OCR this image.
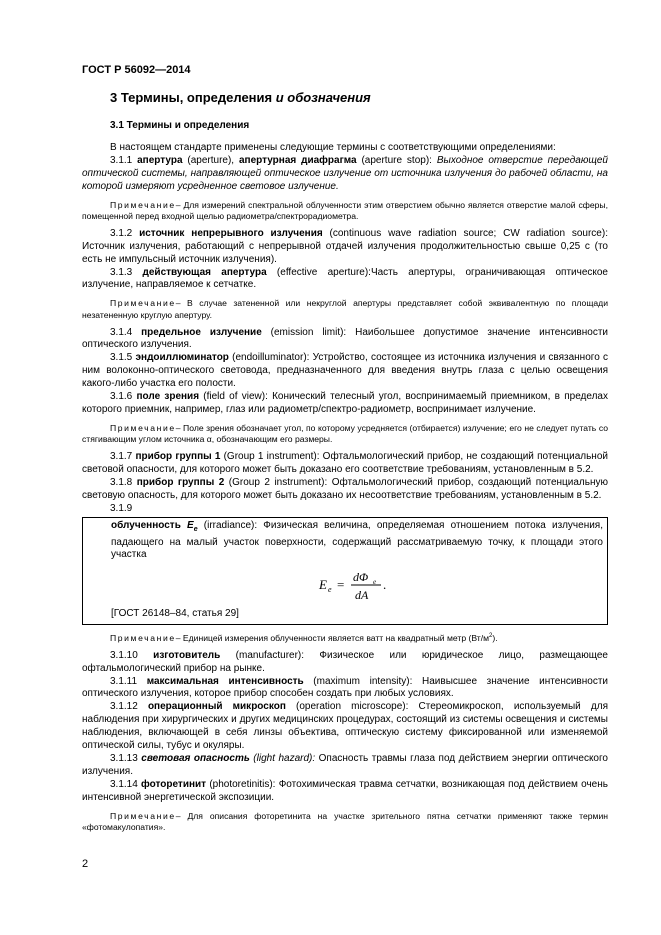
ГОСТ Р 56092—2014
3 Термины, определения и обозначения
3.1 Термины и определения

В настоящем стандарте применены следующие термины с соответствующими определениями:

3.1.1 апертура (aperture), апертурная диафрагма (aperture stop): Выходное отверстие передающей оптической системы, направляющей оптическое излучение от источника излучения до рабочей области, на которой измеряют усредненное световое излучение.

Примечание– Для измерений спектральной облученности этим отверстием обычно является отверстие малой сферы, помещенной перед входной щелью радиометра/спектрорадиометра.

3.1.2 источник непрерывного излучения (continuous wave radiation source; CW radiation source): Источник излучения, работающий с непрерывной отдачей излучения продолжительностью свыше 0,25 с (то есть не импульсный источник излучения).

3.1.3 действующая апертура (effective aperture):Часть апертуры, ограничивающая оптическое излучение, направляемое к сетчатке.

Примечание– В случае затененной или некруглой апертуры представляет собой эквивалентную по площади незатененную круглую апертуру.

3.1.4 предельное излучение (emission limit): Наибольшее допустимое значение интенсивности оптического излучения.

3.1.5 эндоиллюминатор (endoilluminator): Устройство, состоящее из источника излучения и связанного с ним волоконно-оптического световода, предназначенного для введения внутрь глаза с целью освещения какого-либо участка его полости.

3.1.6 поле зрения (field of view): Конический телесный угол, воспринимаемый приемником, в пределах которого приемник, например, глаз или радиометр/спектро-радиометр, воспринимает излучение.

Примечание– Поле зрения обозначает угол, по которому усредняется (отбирается) излучение; его не следует путать со стягивающим углом источника α, обозначающим его размеры.

3.1.7 прибор группы 1 (Group 1 instrument): Офтальмологический прибор, не создающий потенциальной световой опасности, для которого может быть доказано его соответствие требованиям, установленным в 5.2.

3.1.8 прибор группы 2 (Group 2 instrument): Офтальмологический прибор, создающий потенциальную световую опасность, для которого может быть доказано их несоответствие требованиям, установленным в 5.2.

3.1.9

облученность $E_e$ (irradiance): Физическая величина, определяемая отношением потока излучения, падающего на малый участок поверхности, содержащий рассматриваемую точку, к площади этого участка

E e = dΦ e
dA
.

[ГОСТ 26148–84, статья 29]

Примечание– Единицей измерения облученности является ватт на квадратный метр $(Вт/м^2)$.

3.1.10 изготовитель (manufacturer): Физическое или юридическое лицо, размещающее офтальмологический прибор на рынке.

3.1.11 максимальная интенсивность (maximum intensity): Наивысшее значение интенсивности оптического излучения, которое прибор способен создать при любых условиях.

3.1.12 операционный микроскоп (operation microscope): Стереомикроскоп, используемый для наблюдения при хирургических и других медицинских процедурах, состоящий из системы освещения и системы наблюдения, включающей в себя линзы объектива, оптическую систему фиксированной или изменяемой оптической силы, тубус и окуляры.

3.1.13 световая опасность (light hazard): Опасность травмы глаза под действием энергии оптического излучения.

3.1.14 фоторетинит (photoretinitis): Фотохимическая травма сетчатки, возникающая под действием очень интенсивной энергетической экспозиции.

Примечание– Для описания фоторетинита на участке зрительного пятна сетчатки применяют также термин «фотомакулопатия».

2
